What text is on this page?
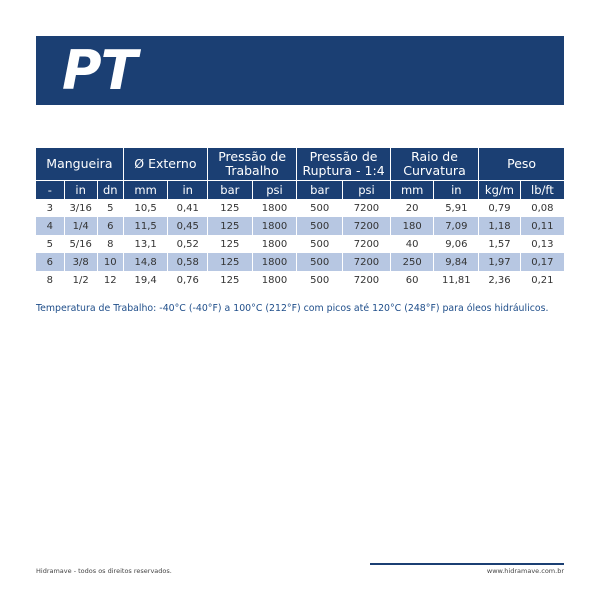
PT
Mangueira			Ø Externo		Pressão de Trabalho		Pressão de Ruptura - 1:4		Raio de Curvatura		Peso	
-	in	dn	mm	in	bar	psi	bar	psi	mm	in	kg/m	lb/ft
3	3/16	5	10,5	0,41	125	1800	500	7200	20	5,91	0,79	0,08
4	1/4	6	11,5	0,45	125	1800	500	7200	180	7,09	1,18	0,11
5	5/16	8	13,1	0,52	125	1800	500	7200	40	9,06	1,57	0,13
6	3/8	10	14,8	0,58	125	1800	500	7200	250	9,84	1,97	0,17
8	1/2	12	19,4	0,76	125	1800	500	7200	60	11,81	2,36	0,21
Temperatura de Trabalho: -40°C (-40°F) a 100°C (212°F) com picos até 120°C (248°F) para óleos hidráulicos.
Hidramave - todos os direitos reservados.	www.hidramave.com.br
